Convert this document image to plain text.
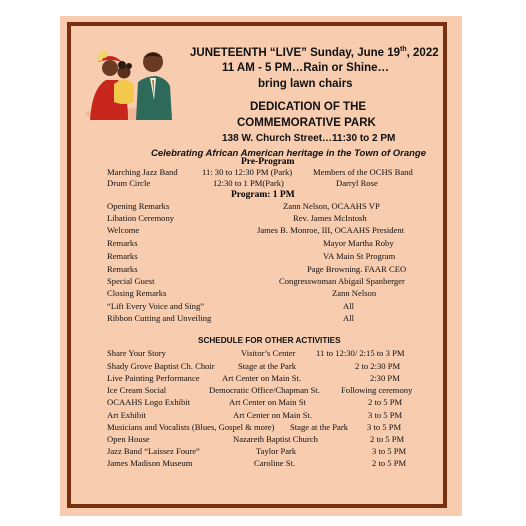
JUNETEENTH “LIVE” Sunday, June 19th, 2022
11 AM - 5 PM…Rain or Shine…
bring lawn chairs
DEDICATION OF THE
COMMEMORATIVE PARK
138 W. Church Street…11:30 to 2 PM
Celebrating African American heritage in the Town of Orange
Pre-Program
Marching Jazz Band	11: 30 to 12:30 PM (Park) Members of the OCHS Band
Drum Circle	12:30 to 1 PM(Park)	Darryl Rose
Program: 1 PM
Opening Remarks	Zann Nelson, OCAAHS VP
Libation Ceremony	Rev. James McIntosh
Welcome	James B. Monroe, III, OCAAHS President
Remarks	Mayor Martha Roby
Remarks	VA Main St Program
Remarks	Page Browning. FAAR CEO
Special Guest	Congresswoman Abigail Spanberger
Closing Remarks	Zann Nelson
“Lift Every Voice and Sing”	All
Ribbon Cutting and Unveiling	All
SCHEDULE FOR OTHER ACTIVITIES
Share Your Story	Visitor’s Center 11 to 12:30/ 2:15 to 3 PM
Shady Grove Baptist Ch. Choir	Stage at the Park	2 to 2:30 PM
Live Painting Performance	Art Center on Main St.	2:30 PM
Ice Cream Social	Democratic Office/Chapman St. Following ceremony
OCAAHS Logo Exhibit	Art Center on Main St	2 to 5 PM
Art Exhibit	Art Center on Main St.	3 to 5 PM
Musicians and Vocalists (Blues, Gospel & more) Stage at the Park 3 to 5 PM
Open House	Nazareth Baptist Church	2 to 5 PM
Jazz Band “Laissez Foure”	Taylor Park	3 to 5 PM
James Madison Museum	Caroline St.	2 to 5 PM
